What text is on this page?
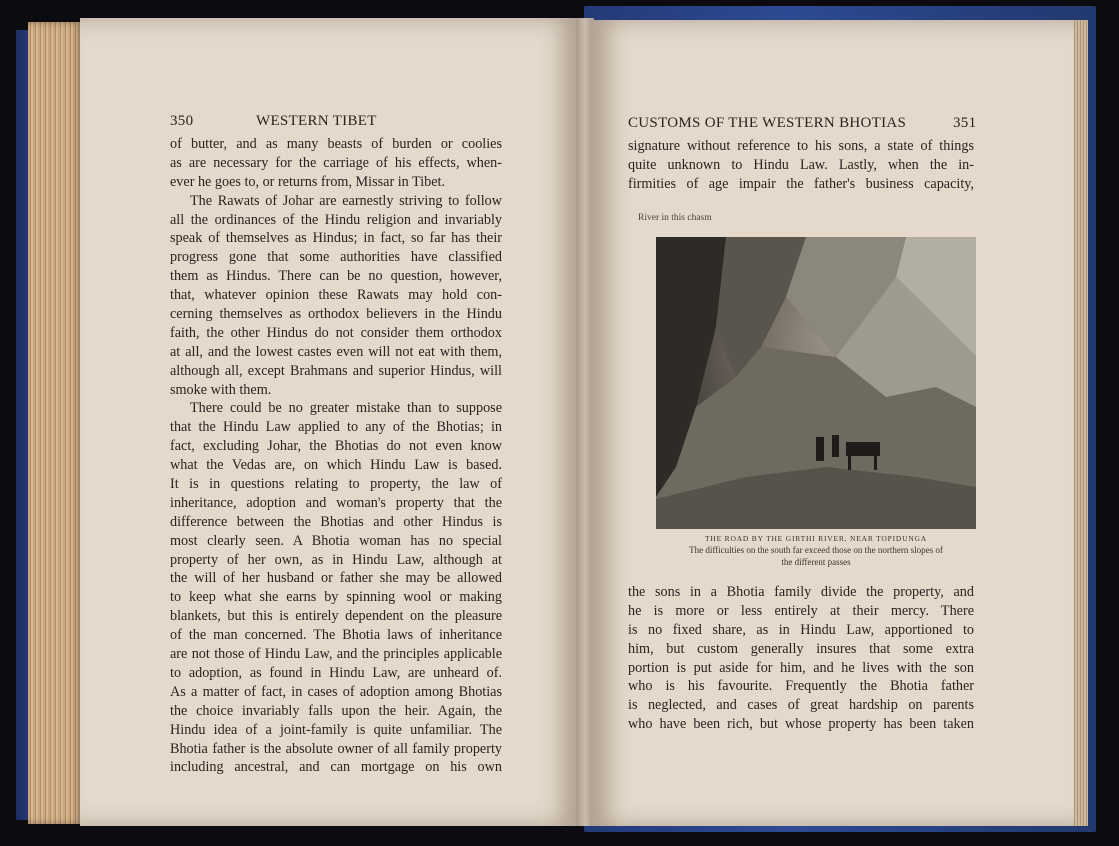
350	WESTERN TIBET
of butter, and as many beasts of burden or coolies
as are necessary for the carriage of his effects, when-
ever he goes to, or returns from, Missar in Tibet.
The Rawats of Johar are earnestly striving to follow
all the ordinances of the Hindu religion and invariably
speak of themselves as Hindus; in fact, so far has their
progress gone that some authorities have classified
them as Hindus. There can be no question, however,
that, whatever opinion these Rawats may hold con-
cerning themselves as orthodox believers in the Hindu
faith, the other Hindus do not consider them orthodox
at all, and the lowest castes even will not eat with them,
although all, except Brahmans and superior Hindus, will
smoke with them.
There could be no greater mistake than to suppose
that the Hindu Law applied to any of the Bhotias; in
fact, excluding Johar, the Bhotias do not even know
what the Vedas are, on which Hindu Law is based.
It is in questions relating to property, the law of
inheritance, adoption and woman's property that the
difference between the Bhotias and other Hindus is
most clearly seen. A Bhotia woman has no special
property of her own, as in Hindu Law, although at
the will of her husband or father she may be allowed
to keep what she earns by spinning wool or making
blankets, but this is entirely dependent on the pleasure
of the man concerned. The Bhotia laws of inheritance
are not those of Hindu Law, and the principles applicable
to adoption, as found in Hindu Law, are unheard of.
As a matter of fact, in cases of adoption among Bhotias
the choice invariably falls upon the heir. Again, the
Hindu idea of a joint-family is quite unfamiliar. The
Bhotia father is the absolute owner of all family property
including ancestral, and can mortgage on his own
CUSTOMS OF THE WESTERN BHOTIAS	351
signature without reference to his sons, a state of things
quite unknown to Hindu Law. Lastly, when the in-
firmities of age impair the father's business capacity,
River in this chasm
THE ROAD BY THE GIRTHI RIVER, NEAR TOPIDUNGA
The difficulties on the south far exceed those on the northern slopes of
the different passes
the sons in a Bhotia family divide the property, and
he is more or less entirely at their mercy. There
is no fixed share, as in Hindu Law, apportioned to
him, but custom generally insures that some extra
portion is put aside for him, and he lives with the son
who is his favourite. Frequently the Bhotia father
is neglected, and cases of great hardship on parents
who have been rich, but whose property has been taken
